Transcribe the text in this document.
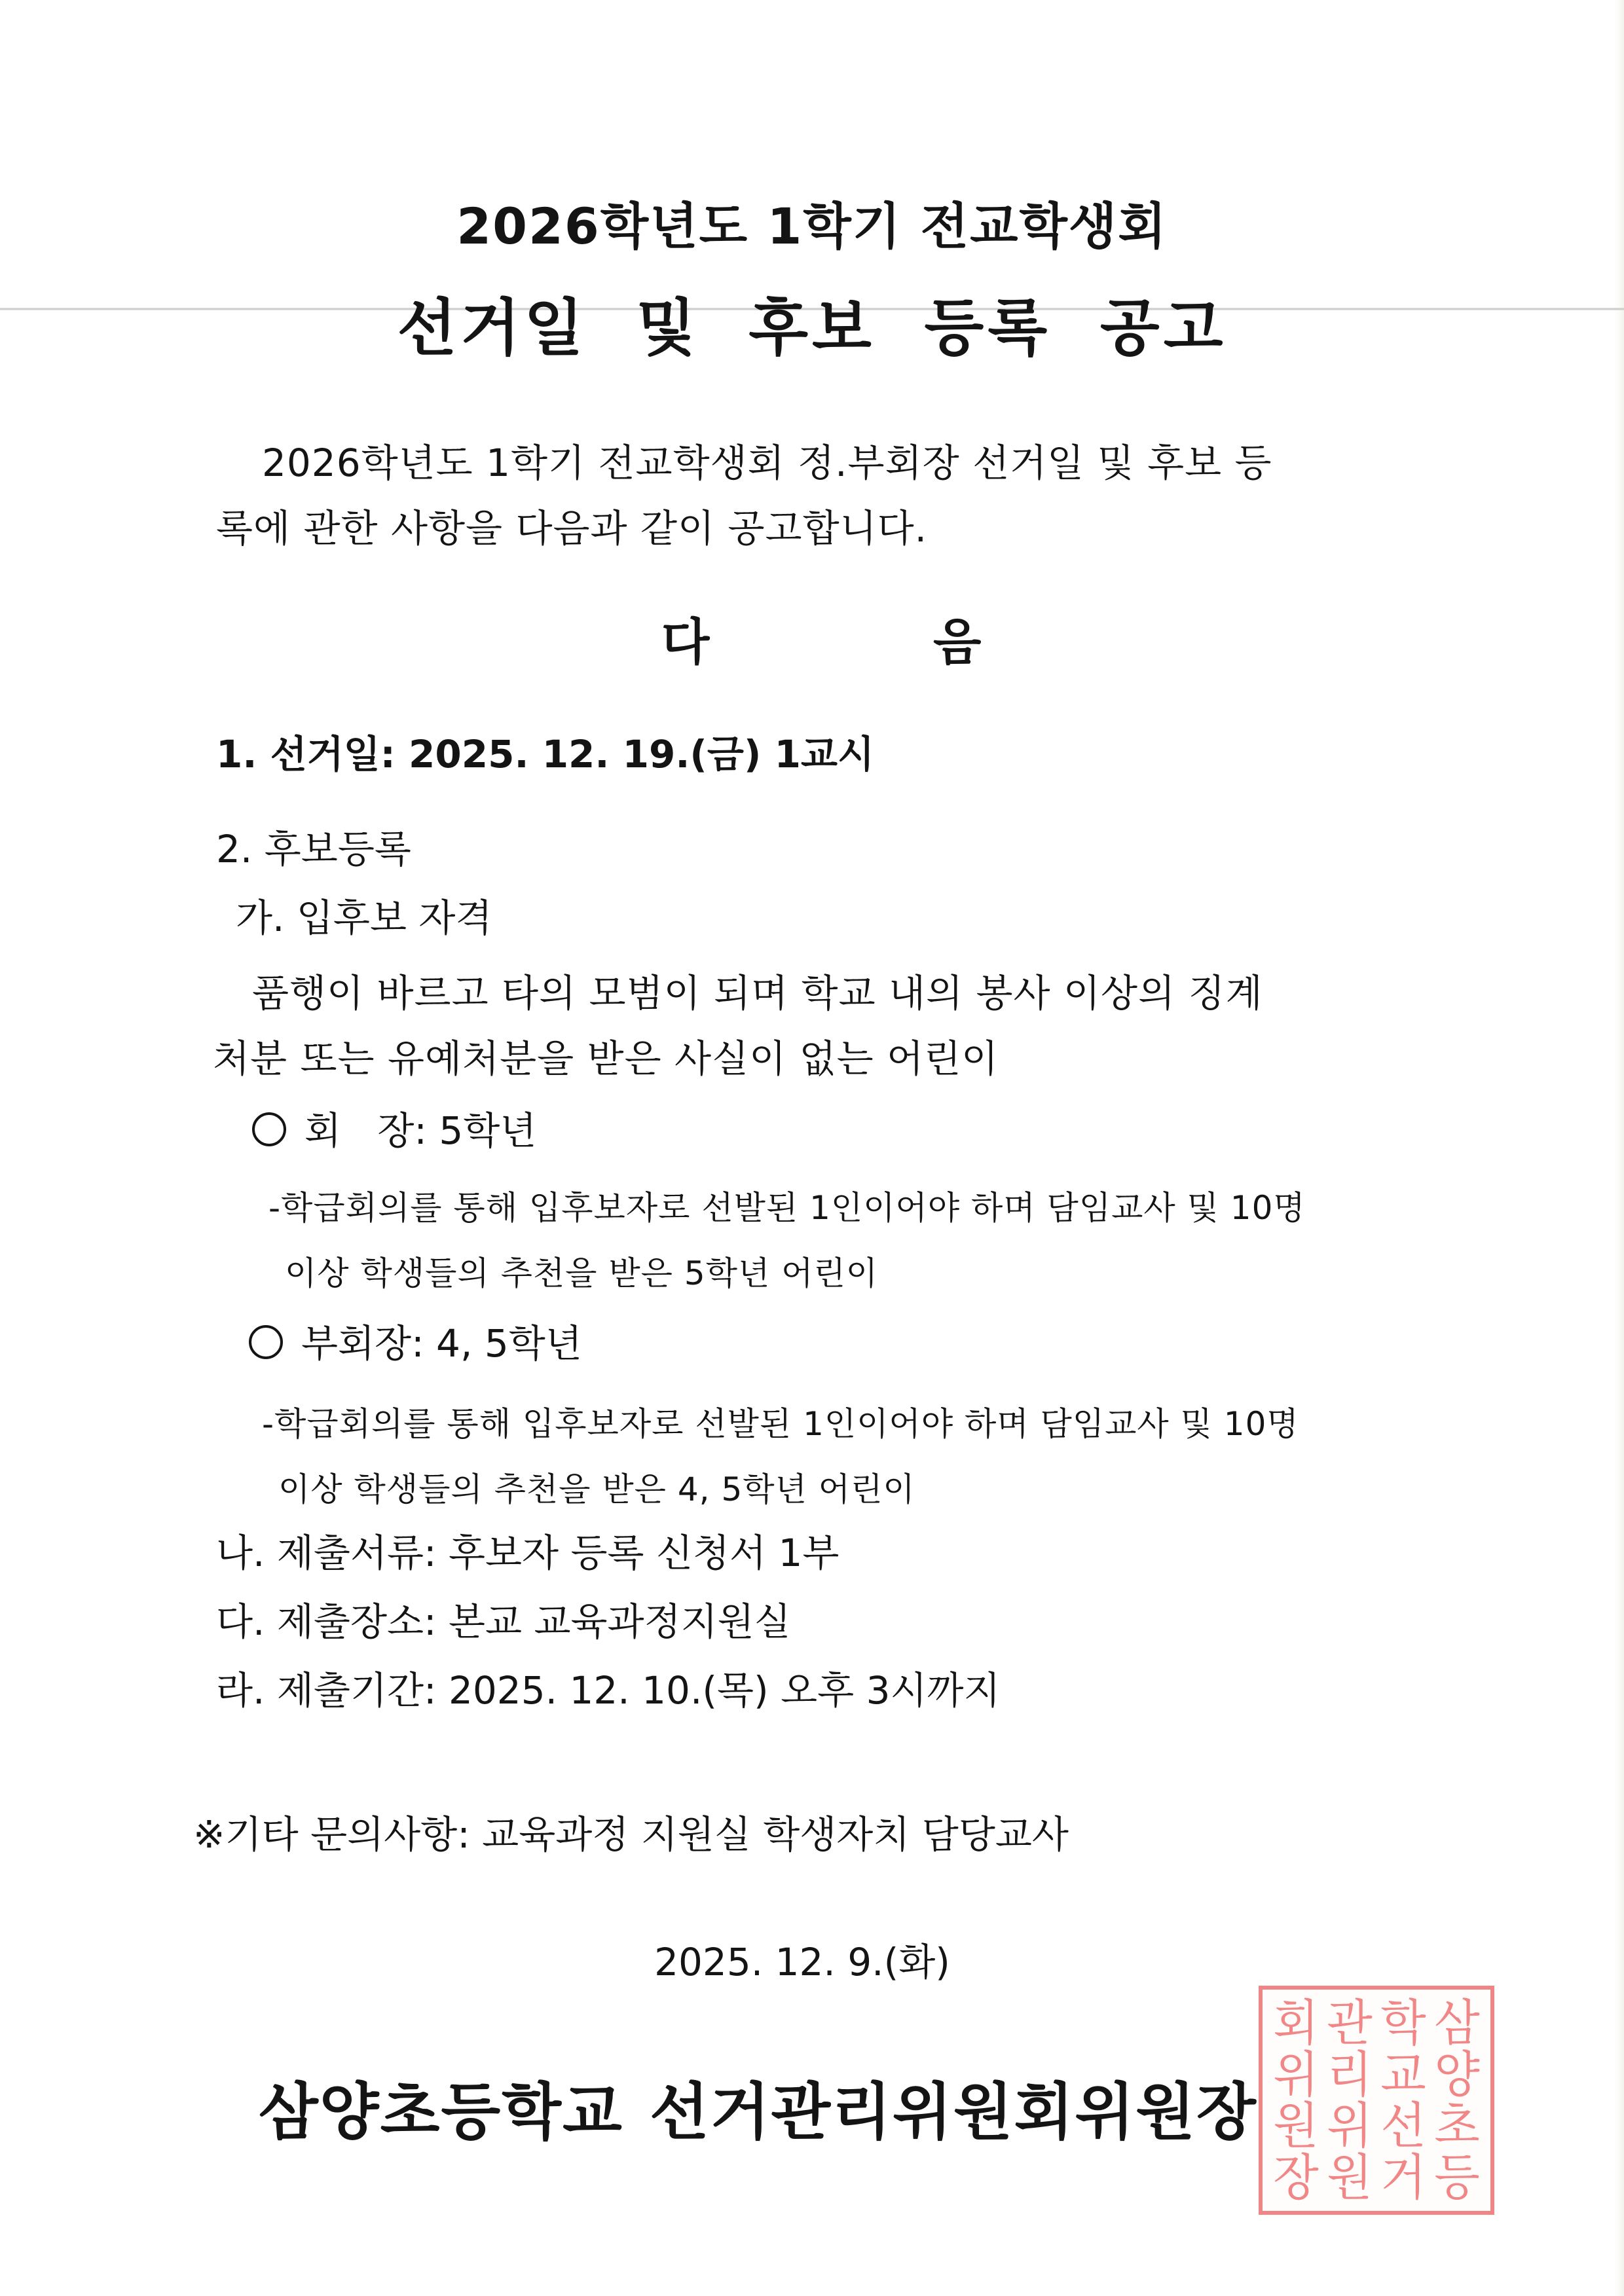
2026학년도 1학기 전교학생회
선거일 및 후보 등록 공고
2026학년도 1학기 전교학생회 정.부회장 선거일 및 후보 등
록에 관한 사항을 다음과 같이 공고합니다.
다	음
1. 선거일: 2025. 12. 19.(금) 1교시
2. 후보등록
가. 입후보 자격
품행이 바르고 타의 모범이 되며 학교 내의 봉사 이상의 징계
처분 또는 유예처분을 받은 사실이 없는 어린이
회   장: 5학년
-학급회의를 통해 입후보자로 선발된 1인이어야 하며 담임교사 및 10명
이상 학생들의 추천을 받은 5학년 어린이
부회장: 4, 5학년
-학급회의를 통해 입후보자로 선발된 1인이어야 하며 담임교사 및 10명
이상 학생들의 추천을 받은 4, 5학년 어린이
나. 제출서류: 후보자 등록 신청서 1부
다. 제출장소: 본교 교육과정지원실
라. 제출기간: 2025. 12. 10.(목) 오후 3시까지
※기타 문의사항: 교육과정 지원실 학생자치 담당교사
2025. 12. 9.(화)
삼양초등학교 선거관리위원회위원장
회 관 학 삼
위 리 교 양
원 위 선 초
장 원 거 등
